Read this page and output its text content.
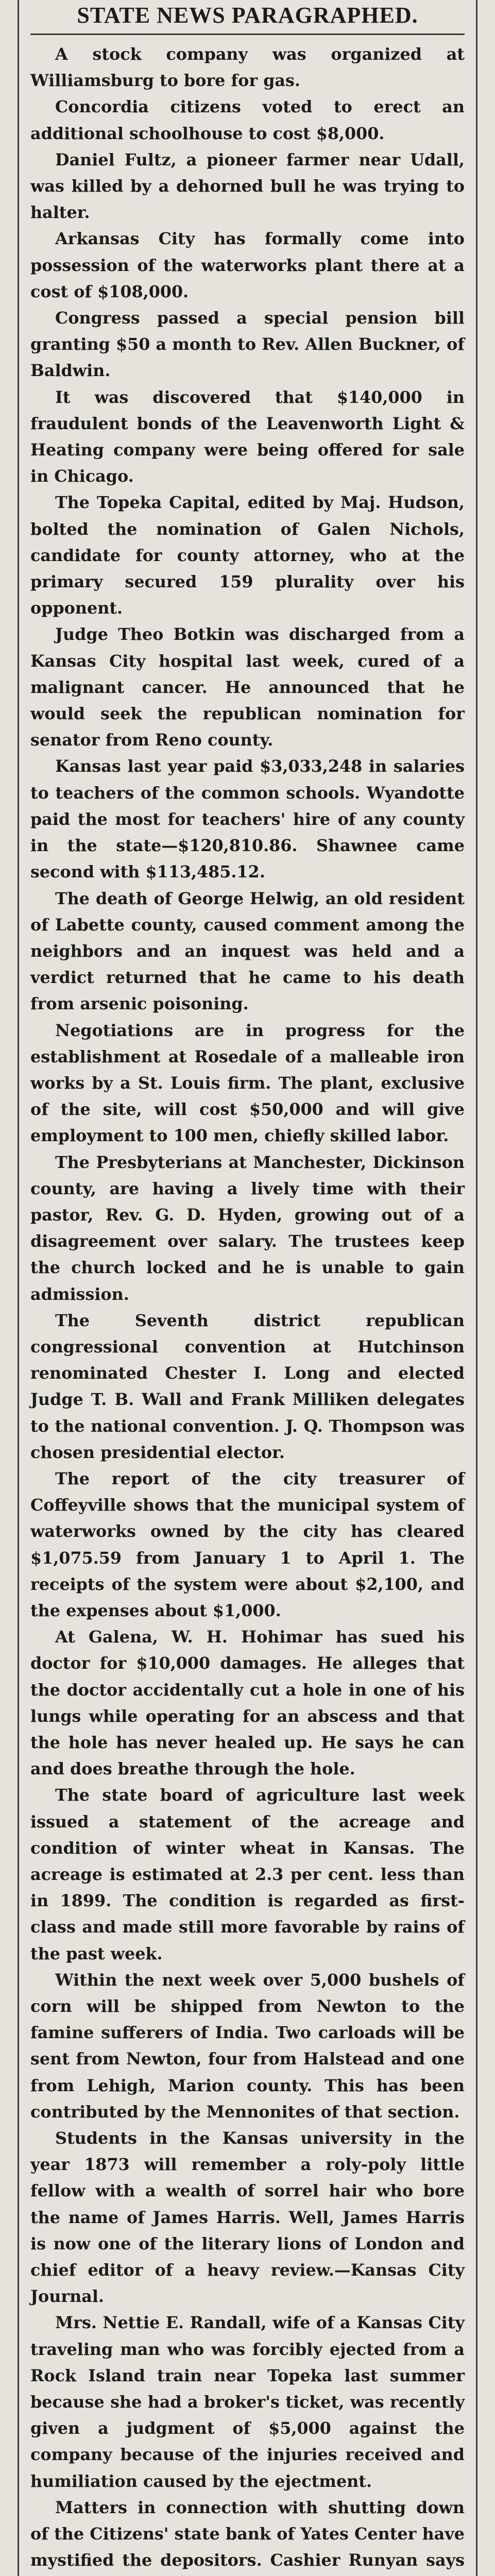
STATE NEWS PARAGRAPHED.

A stock company was organized at Williamsburg to bore for gas.

Concordia citizens voted to erect an additional schoolhouse to cost $8,000.

Daniel Fultz, a pioneer farmer near Udall, was killed by a dehorned bull he was trying to halter.

Arkansas City has formally come into possession of the waterworks plant there at a cost of $108,000.

Congress passed a special pension bill granting $50 a month to Rev. Allen Buckner, of Baldwin.

It was discovered that $140,000 in fraudulent bonds of the Leavenworth Light & Heating company were being offered for sale in Chicago.

The Topeka Capital, edited by Maj. Hudson, bolted the nomination of Galen Nichols, candidate for county attorney, who at the primary secured 159 plurality over his opponent.

Judge Theo Botkin was discharged from a Kansas City hospital last week, cured of a malignant cancer. He announced that he would seek the republican nomination for senator from Reno county.

Kansas last year paid $3,033,248 in salaries to teachers of the common schools. Wyandotte paid the most for teachers' hire of any county in the state—$120,810.86. Shawnee came second with $113,485.12.

The death of George Helwig, an old resident of Labette county, caused comment among the neighbors and an inquest was held and a verdict returned that he came to his death from arsenic poisoning.

Negotiations are in progress for the establishment at Rosedale of a malleable iron works by a St. Louis firm. The plant, exclusive of the site, will cost $50,000 and will give employment to 100 men, chiefly skilled labor.

The Presbyterians at Manchester, Dickinson county, are having a lively time with their pastor, Rev. G. D. Hyden, growing out of a disagreement over salary. The trustees keep the church locked and he is unable to gain admission.

The Seventh district republican congressional convention at Hutchinson renominated Chester I. Long and elected Judge T. B. Wall and Frank Milliken delegates to the national convention. J. Q. Thompson was chosen presidential elector.

The report of the city treasurer of Coffeyville shows that the municipal system of waterworks owned by the city has cleared $1,075.59 from January 1 to April 1. The receipts of the system were about $2,100, and the expenses about $1,000.

At Galena, W. H. Hohimar has sued his doctor for $10,000 damages. He alleges that the doctor accidentally cut a hole in one of his lungs while operating for an abscess and that the hole has never healed up. He says he can and does breathe through the hole.

The state board of agriculture last week issued a statement of the acreage and condition of winter wheat in Kansas. The acreage is estimated at 2.3 per cent. less than in 1899. The condition is regarded as first-class and made still more favorable by rains of the past week.

Within the next week over 5,000 bushels of corn will be shipped from Newton to the famine sufferers of India. Two carloads will be sent from Newton, four from Halstead and one from Lehigh, Marion county. This has been contributed by the Mennonites of that section.

Students in the Kansas university in the year 1873 will remember a roly-poly little fellow with a wealth of sorrel hair who bore the name of James Harris. Well, James Harris is now one of the literary lions of London and chief editor of a heavy review.—Kansas City Journal.

Mrs. Nettie E. Randall, wife of a Kansas City traveling man who was forcibly ejected from a Rock Island train near Topeka last summer because she had a broker's ticket, was recently given a judgment of $5,000 against the company because of the injuries received and humiliation caused by the ejectment.

Matters in connection with shutting down of the Citizens' state bank of Yates Center have mystified the depositors. Cashier Runyan says
